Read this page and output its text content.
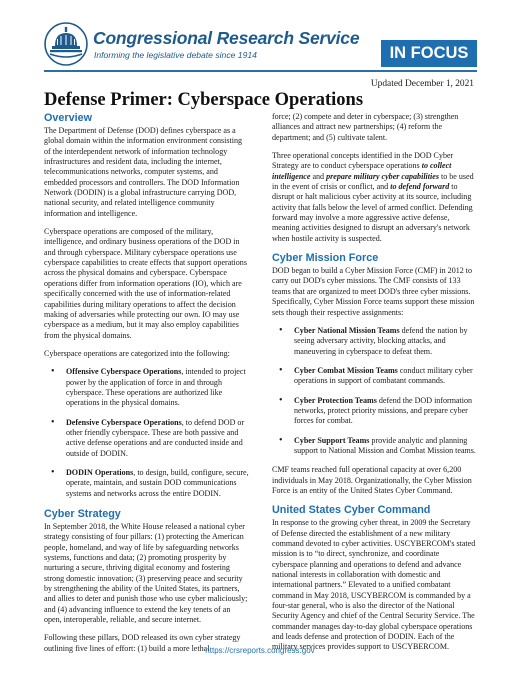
Congressional Research Service
Informing the legislative debate since 1914	IN FOCUS
Updated December 1, 2021
Defense Primer: Cyberspace Operations
Overview

The Department of Defense (DOD) defines cyberspace as a global domain within the information environment consisting of the interdependent network of information technology infrastructures and resident data, including the internet, telecommunications networks, computer systems, and embedded processors and controllers. The DOD Information Network (DODIN) is a global infrastructure carrying DOD, national security, and related intelligence community information and intelligence.

Cyberspace operations are composed of the military, intelligence, and ordinary business operations of the DOD in and through cyberspace. Military cyberspace operations use cyberspace capabilities to create effects that support operations across the physical domains and cyberspace. Cyberspace operations differ from information operations (IO), which are specifically concerned with the use of information-related capabilities during military operations to affect the decision making of adversaries while protecting our own. IO may use cyberspace as a medium, but it may also employ capabilities from the physical domains.

Cyberspace operations are categorized into the following:

• Offensive Cyberspace Operations, intended to project power by the application of force in and through cyberspace. These operations are authorized like operations in the physical domains.
• Defensive Cyberspace Operations, to defend DOD or other friendly cyberspace. These are both passive and active defense operations and are conducted inside and outside of DODIN.
• DODIN Operations, to design, build, configure, secure, operate, maintain, and sustain DOD communications systems and networks across the entire DODIN.
Cyber Strategy

In September 2018, the White House released a national cyber strategy consisting of four pillars: (1) protecting the American people, homeland, and way of life by safeguarding networks systems, functions and data; (2) promoting prosperity by nurturing a secure, thriving digital economy and fostering strong domestic innovation; (3) preserving peace and security by strengthening the ability of the United States, its partners, and allies to deter and punish those who use cyber maliciously; and (4) advancing influence to extend the key tenets of an open, interoperable, reliable, and secure internet.

Following these pillars, DOD released its own cyber strategy outlining five lines of effort: (1) build a more lethal

force; (2) compete and deter in cyberspace; (3) strengthen alliances and attract new partnerships; (4) reform the department; and (5) cultivate talent.

Three operational concepts identified in the DOD Cyber Strategy are to conduct cyberspace operations to collect intelligence and prepare military cyber capabilities to be used in the event of crisis or conflict, and to defend forward to disrupt or halt malicious cyber activity at its source, including activity that falls below the level of armed conflict. Defending forward may involve a more aggressive active defense, meaning activities designed to disrupt an adversary's network when hostile activity is suspected.

Cyber Mission Force

DOD began to build a Cyber Mission Force (CMF) in 2012 to carry out DOD's cyber missions. The CMF consists of 133 teams that are organized to meet DOD's three cyber missions. Specifically, Cyber Mission Force teams support these mission sets though their respective assignments:

• Cyber National Mission Teams defend the nation by seeing adversary activity, blocking attacks, and maneuvering in cyberspace to defeat them.
• Cyber Combat Mission Teams conduct military cyber operations in support of combatant commands.
• Cyber Protection Teams defend the DOD information networks, protect priority missions, and prepare cyber forces for combat.
• Cyber Support Teams provide analytic and planning support to National Mission and Combat Mission teams.

CMF teams reached full operational capacity at over 6,200 individuals in May 2018. Organizationally, the Cyber Mission Force is an entity of the United States Cyber Command.

United States Cyber Command

In response to the growing cyber threat, in 2009 the Secretary of Defense directed the establishment of a new military command devoted to cyber activities. USCYBERCOM's stated mission is to “to direct, synchronize, and coordinate cyberspace planning and operations to defend and advance national interests in collaboration with domestic and international partners.” Elevated to a unified combatant command in May 2018, USCYBERCOM is commanded by a four-star general, who is also the director of the National Security Agency and chief of the Central Security Service. The commander manages day-to-day global cyberspace operations and leads defense and protection of DODIN. Each of the military services provides support to USCYBERCOM.

https://crsreports.congress.gov
